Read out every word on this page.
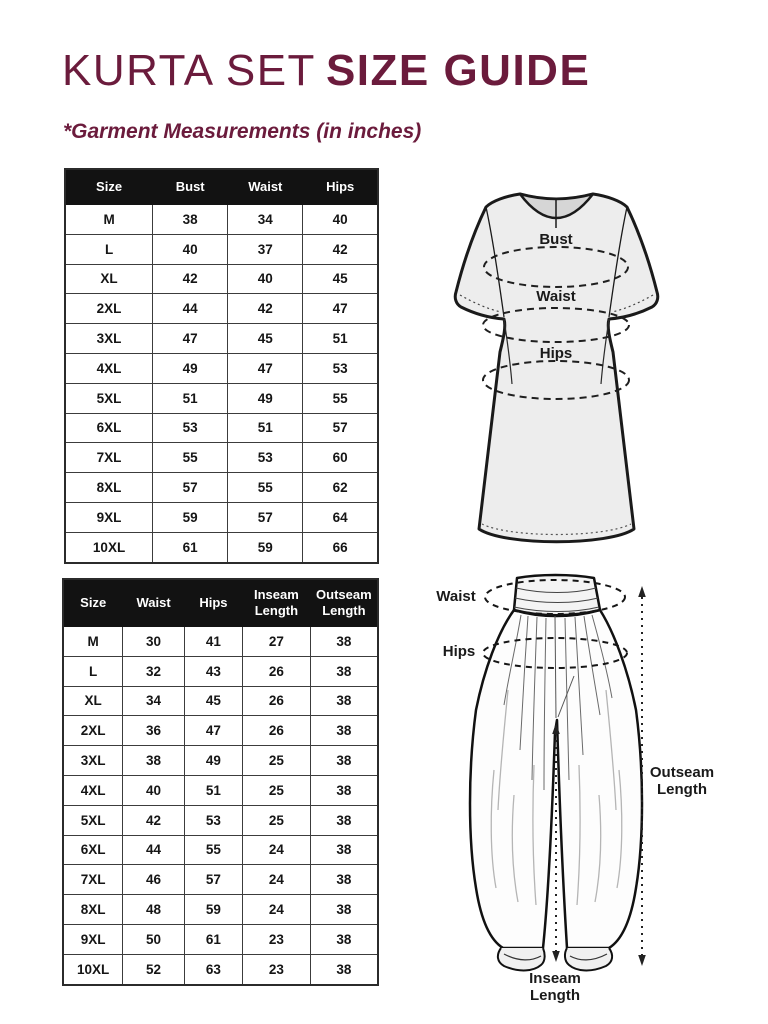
KURTA SET SIZE GUIDE
*Garment Measurements (in inches)
Size	Bust	Waist	Hips
M	38	34	40
L	40	37	42
XL	42	40	45
2XL	44	42	47
3XL	47	45	51
4XL	49	47	53
5XL	51	49	55
6XL	53	51	57
7XL	55	53	60
8XL	57	55	62
9XL	59	57	64
10XL	61	59	66
Size	Waist	Hips	Inseam Length	Outseam Length
M	30	41	27	38
L	32	43	26	38
XL	34	45	26	38
2XL	36	47	26	38
3XL	38	49	25	38
4XL	40	51	25	38
5XL	42	53	25	38
6XL	44	55	24	38
7XL	46	57	24	38
8XL	48	59	24	38
9XL	50	61	23	38
10XL	52	63	23	38
Bust
Waist
Hips
Waist
Hips
Outseam Length
Inseam Length
